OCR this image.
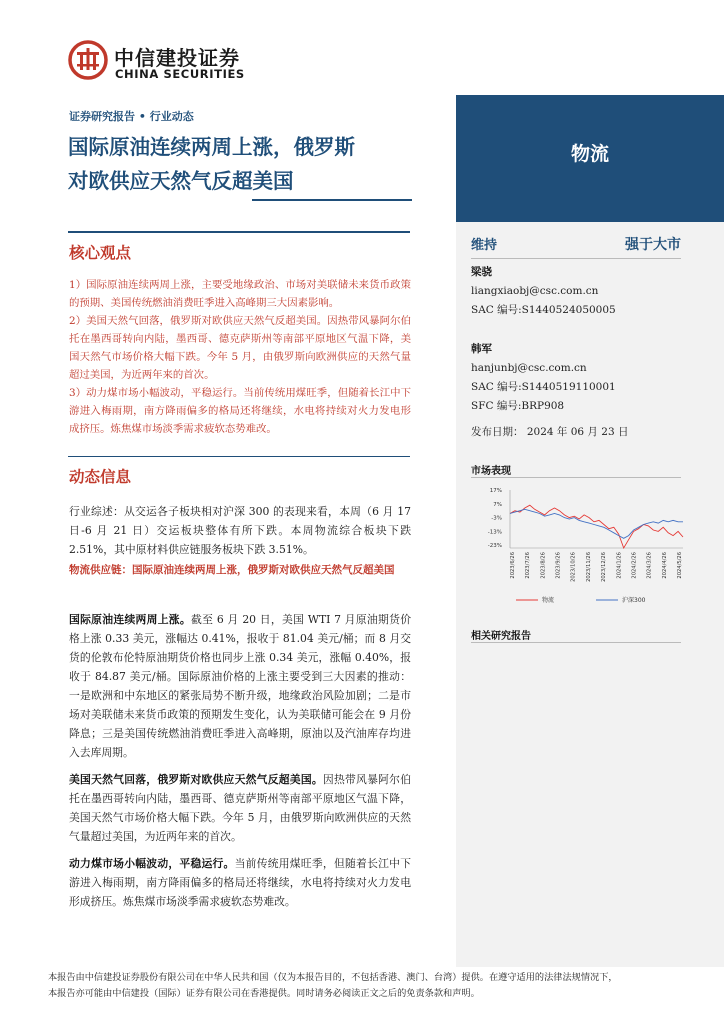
中信建投证券
CHINA SECURITIES
物流
证券研究报告 • 行业动态
国际原油连续两周上涨，俄罗斯
对欧供应天然气反超美国
核心观点

1）国际原油连续两周上涨，主要受地缘政治、市场对美联储未来货币政策的预期、美国传统燃油消费旺季进入高峰期三大因素影响。

2）美国天然气回落，俄罗斯对欧供应天然气反超美国。因热带风暴阿尔伯托在墨西哥转向内陆，墨西哥、德克萨斯州等南部平原地区气温下降，美国天然气市场价格大幅下跌。今年 5 月，由俄罗斯向欧洲供应的天然气量超过美国，为近两年来的首次。

3）动力煤市场小幅波动，平稳运行。当前传统用煤旺季，但随着长江中下游进入梅雨期，南方降雨偏多的格局还将继续，水电将持续对火力发电形成挤压。炼焦煤市场淡季需求疲软态势难改。

动态信息
行业综述：从交运各子板块相对沪深 300 的表现来看，本周（6 月 17 日-6 月 21 日）交运板块整体有所下跌。本周物流综合板块下跌 2.51%，其中原材料供应链服务板块下跌 3.51%。
物流供应链：国际原油连续两周上涨，俄罗斯对欧供应天然气反超美国
国际原油连续两周上涨。截至 6 月 20 日，美国 WTI 7 月原油期货价格上涨 0.33 美元，涨幅达 0.41%，报收于 81.04 美元/桶；而 8 月交货的伦敦布伦特原油期货价格也同步上涨 0.34 美元，涨幅 0.40%，报收于 84.87 美元/桶。国际原油价格的上涨主要受到三大因素的推动：一是欧洲和中东地区的紧张局势不断升级，地缘政治风险加剧；二是市场对美联储未来货币政策的预期发生变化，认为美联储可能会在 9 月份降息；三是美国传统燃油消费旺季进入高峰期，原油以及汽油库存均进入去库周期。
美国天然气回落，俄罗斯对欧供应天然气反超美国。因热带风暴阿尔伯托在墨西哥转向内陆，墨西哥、德克萨斯州等南部平原地区气温下降，美国天然气市场价格大幅下跌。今年 5 月，由俄罗斯向欧洲供应的天然气量超过美国，为近两年来的首次。
动力煤市场小幅波动，平稳运行。当前传统用煤旺季，但随着长江中下游进入梅雨期，南方降雨偏多的格局还将继续，水电将持续对火力发电形成挤压。炼焦煤市场淡季需求疲软态势难改。
维持	强于大市
梁骁
liangxiaobj@csc.com.cn
SAC 编号:S1440524050005
韩军
hanjunbj@csc.com.cn
SAC 编号:S1440519110001
SFC 编号:BRP908
发布日期： 2024 年 06 月 23 日
市场表现
17%
7%
-3%
-13%
-23%
2023/6/26 2023/7/26 2023/8/26 2023/9/26 2023/10/26 2023/11/26 2023/12/26 2024/1/26 2024/2/26 2024/3/26 2024/4/26 2024/5/26
物流	沪深300
相关研究报告
本报告由中信建投证券股份有限公司在中华人民共和国（仅为本报告目的，不包括香港、澳门、台湾）提供。在遵守适用的法律法规情况下，
本报告亦可能由中信建投（国际）证券有限公司在香港提供。同时请务必阅读正文之后的免责条款和声明。
